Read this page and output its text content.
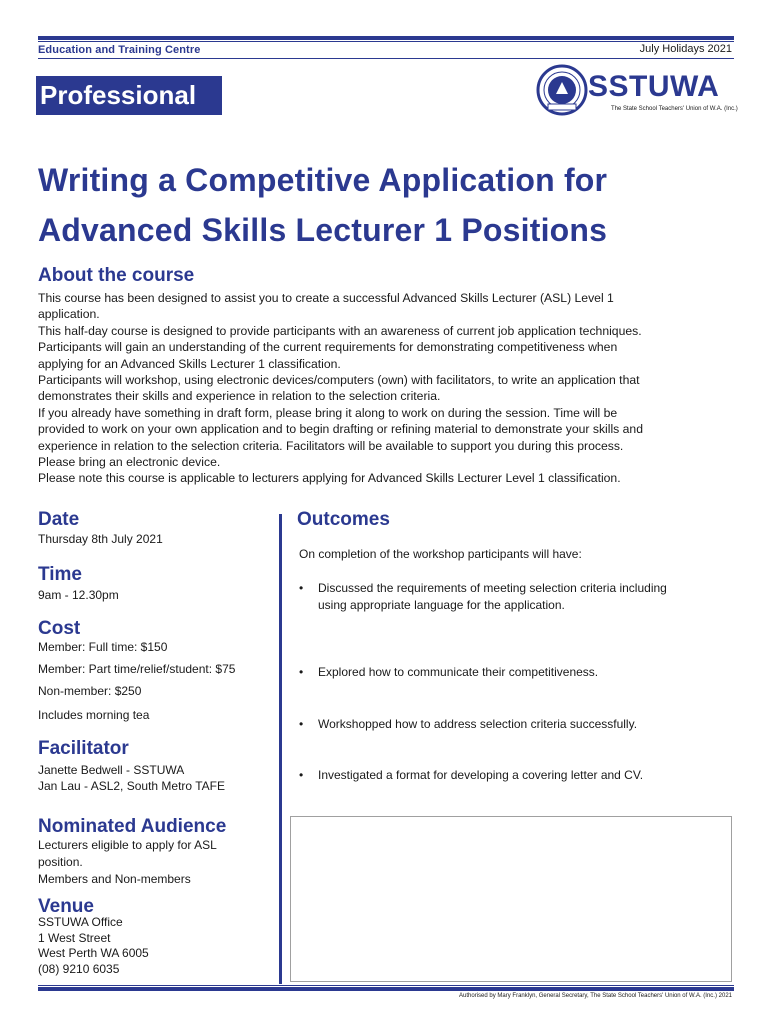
Education and Training Centre	July Holidays 2021
Professional	SSTUWA
The State School Teachers' Union of W.A. (Inc.)
Writing a Competitive Application for
Advanced Skills Lecturer 1 Positions
About the course

This course has been designed to assist you to create a successful Advanced Skills Lecturer (ASL) Level 1

application.

This half-day course is designed to provide participants with an awareness of current job application techniques.

Participants will gain an understanding of the current requirements for demonstrating competitiveness when

applying for an Advanced Skills Lecturer 1 classification.

Participants will workshop, using electronic devices/computers (own) with facilitators, to write an application that

demonstrates their skills and experience in relation to the selection criteria.

If you already have something in draft form, please bring it along to work on during the session. Time will be

provided to work on your own application and to begin drafting or refining material to demonstrate your skills and

experience in relation to the selection criteria. Facilitators will be available to support you during this process.

Please bring an electronic device.

Please note this course is applicable to lecturers applying for Advanced Skills Lecturer Level 1 classification.

Date
Thursday 8th July 2021
Time
9am - 12.30pm
Cost
Member: Full time: $150
Member: Part time/relief/student: $75
Non-member: $250
Includes morning tea
Facilitator
Janette Bedwell - SSTUWA
Jan Lau - ASL2, South Metro TAFE
Nominated Audience
Lecturers eligible to apply for ASL
position.
Members and Non-members
Venue
SSTUWA Office
1 West Street
West Perth WA 6005
(08) 9210 6035
Outcomes
On completion of the workshop participants will have:
• Discussed the requirements of meeting selection criteria including
using appropriate language for the application.
• Explored how to communicate their competitiveness.
• Workshopped how to address selection criteria successfully.
• Investigated a format for developing a covering letter and CV.
Authorised by Mary Franklyn, General Secretary, The State School Teachers' Union of W.A. (Inc.) 2021
